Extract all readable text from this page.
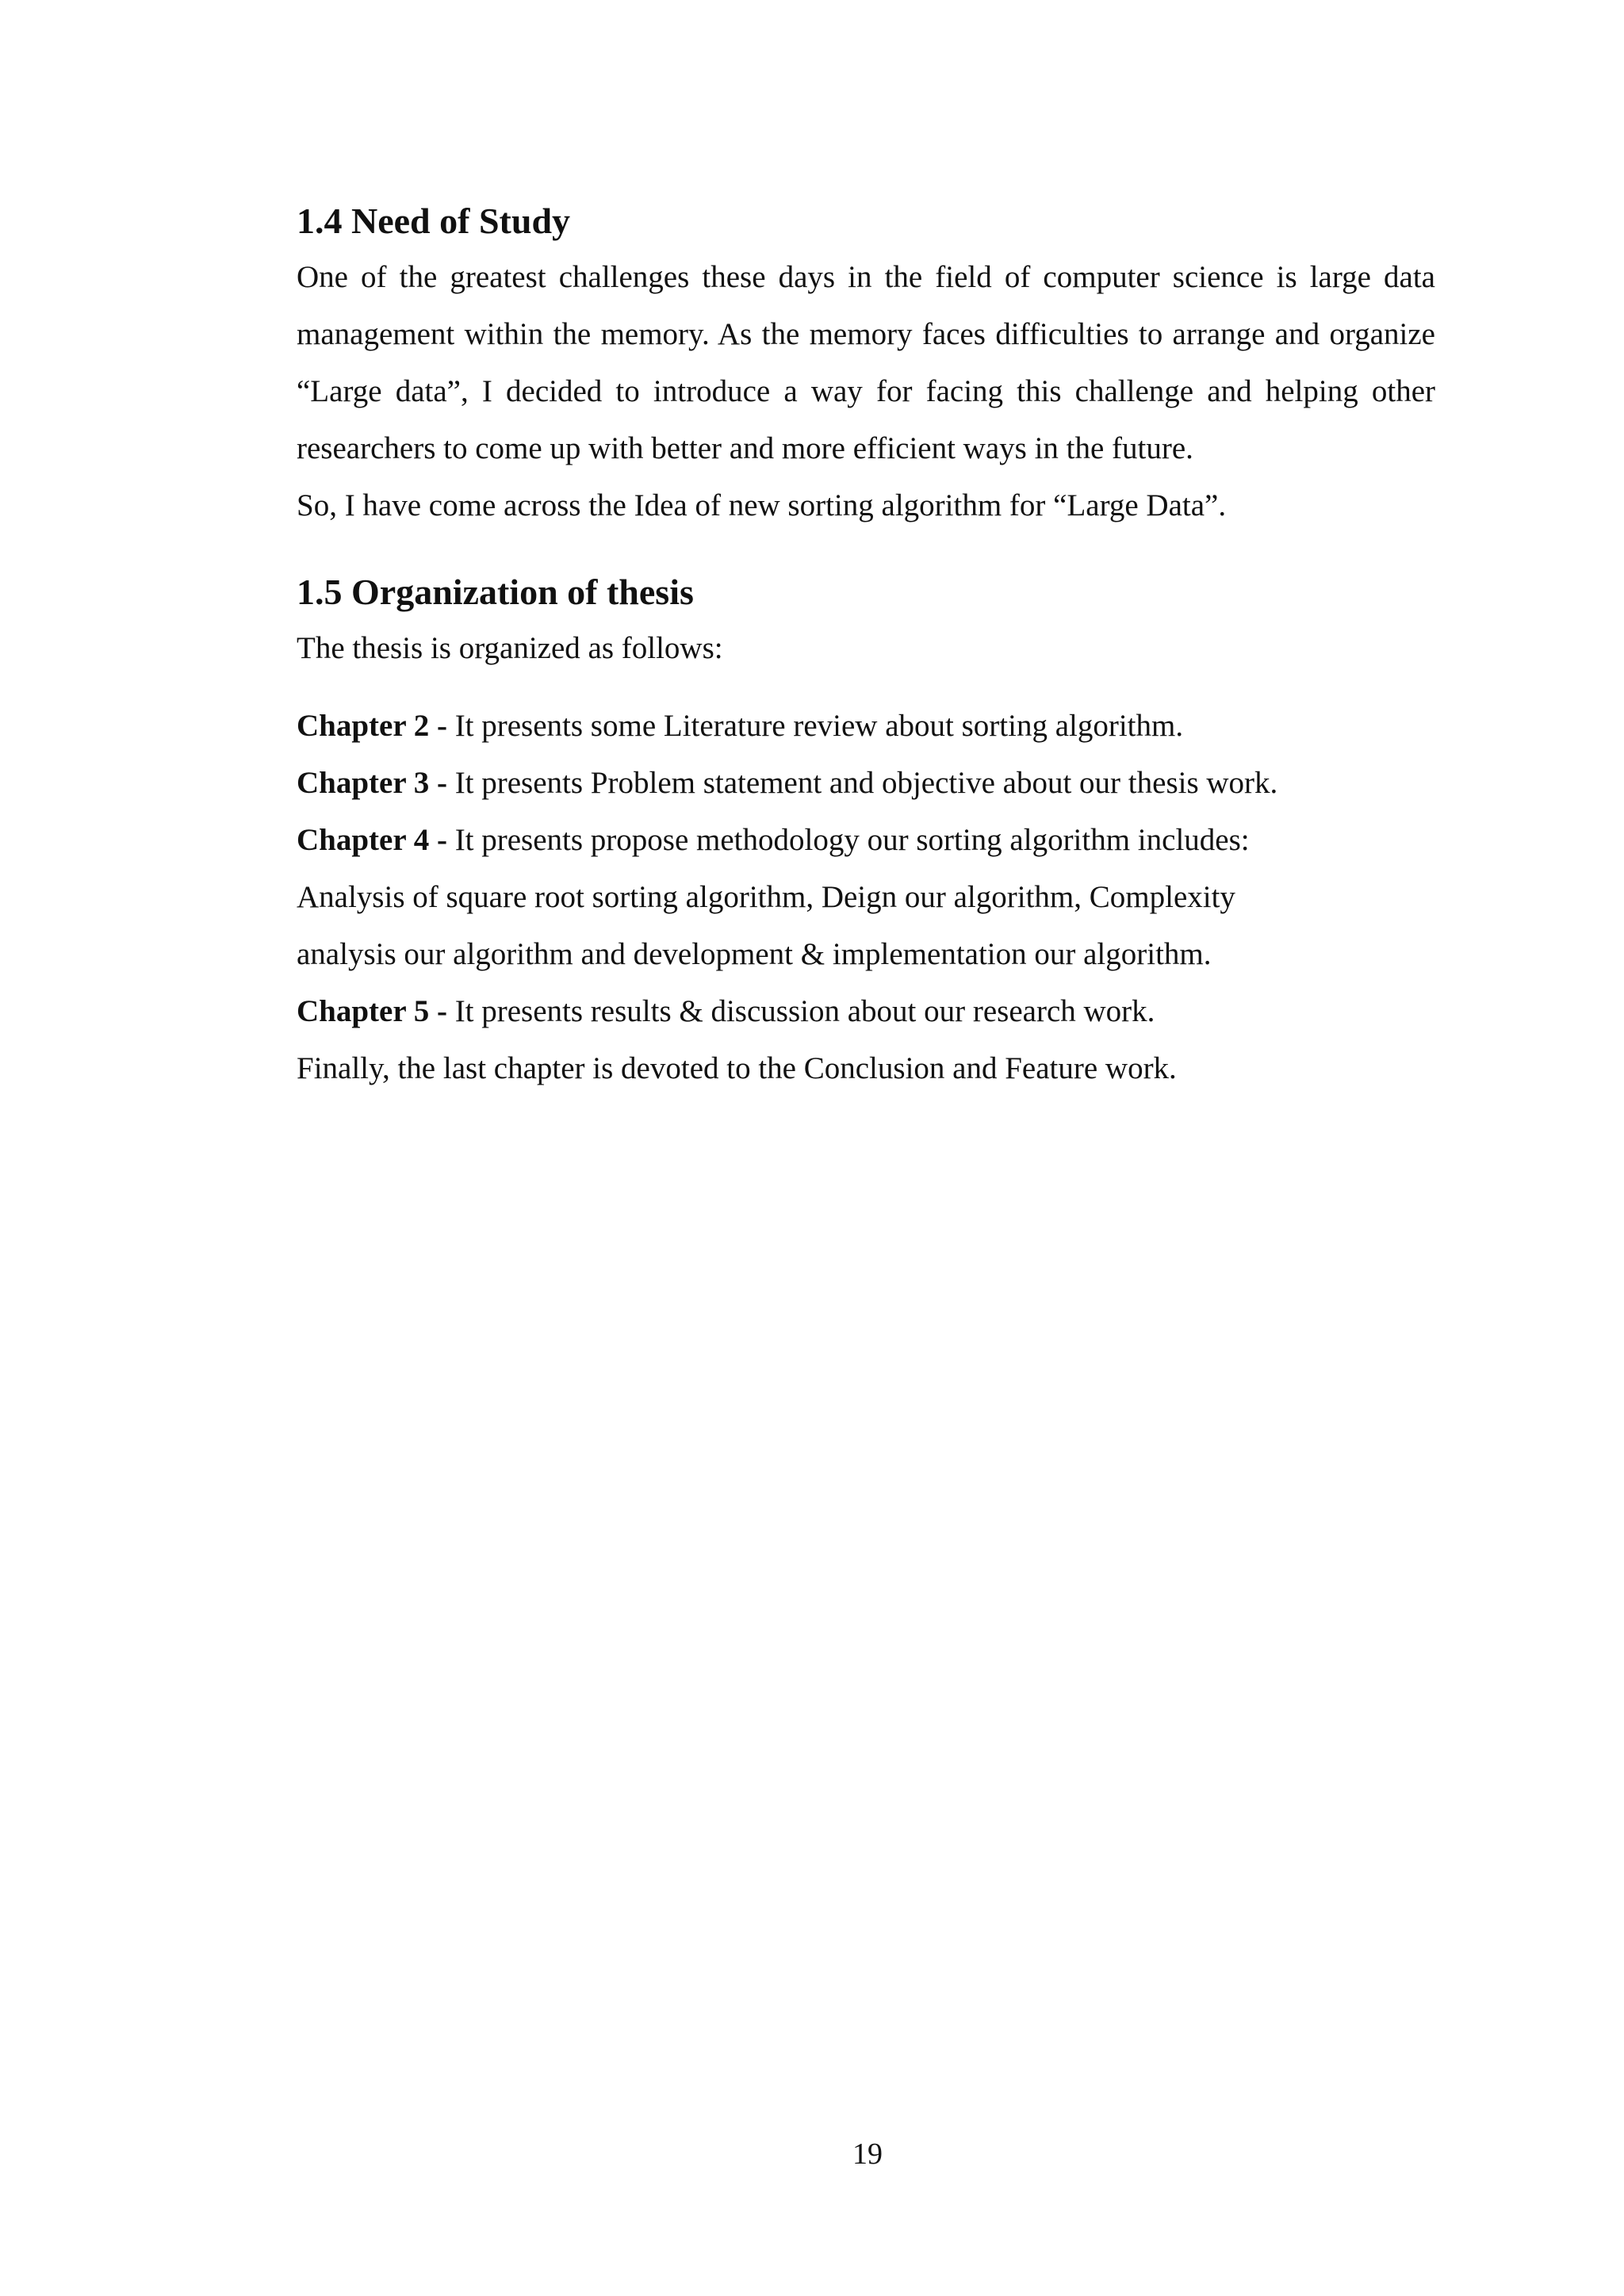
1.4 Need of Study

One of the greatest challenges these days in the field of computer science is large data management within the memory. As the memory faces difficulties to arrange and organize “Large data”, I decided to introduce a way for facing this challenge and helping other researchers to come up with better and more efficient ways in the future.

So, I have come across the Idea of new sorting algorithm for “Large Data”.

1.5 Organization of thesis

The thesis is organized as follows:

Chapter 2 - It presents some Literature review about sorting algorithm.

Chapter 3 - It presents Problem statement and objective about our thesis work.

Chapter 4 - It presents propose methodology our sorting algorithm includes:

Analysis of square root sorting algorithm, Deign our algorithm, Complexity

analysis our algorithm and development & implementation our algorithm.

Chapter 5 - It presents results & discussion about our research work.

Finally, the last chapter is devoted to the Conclusion and Feature work.

19
